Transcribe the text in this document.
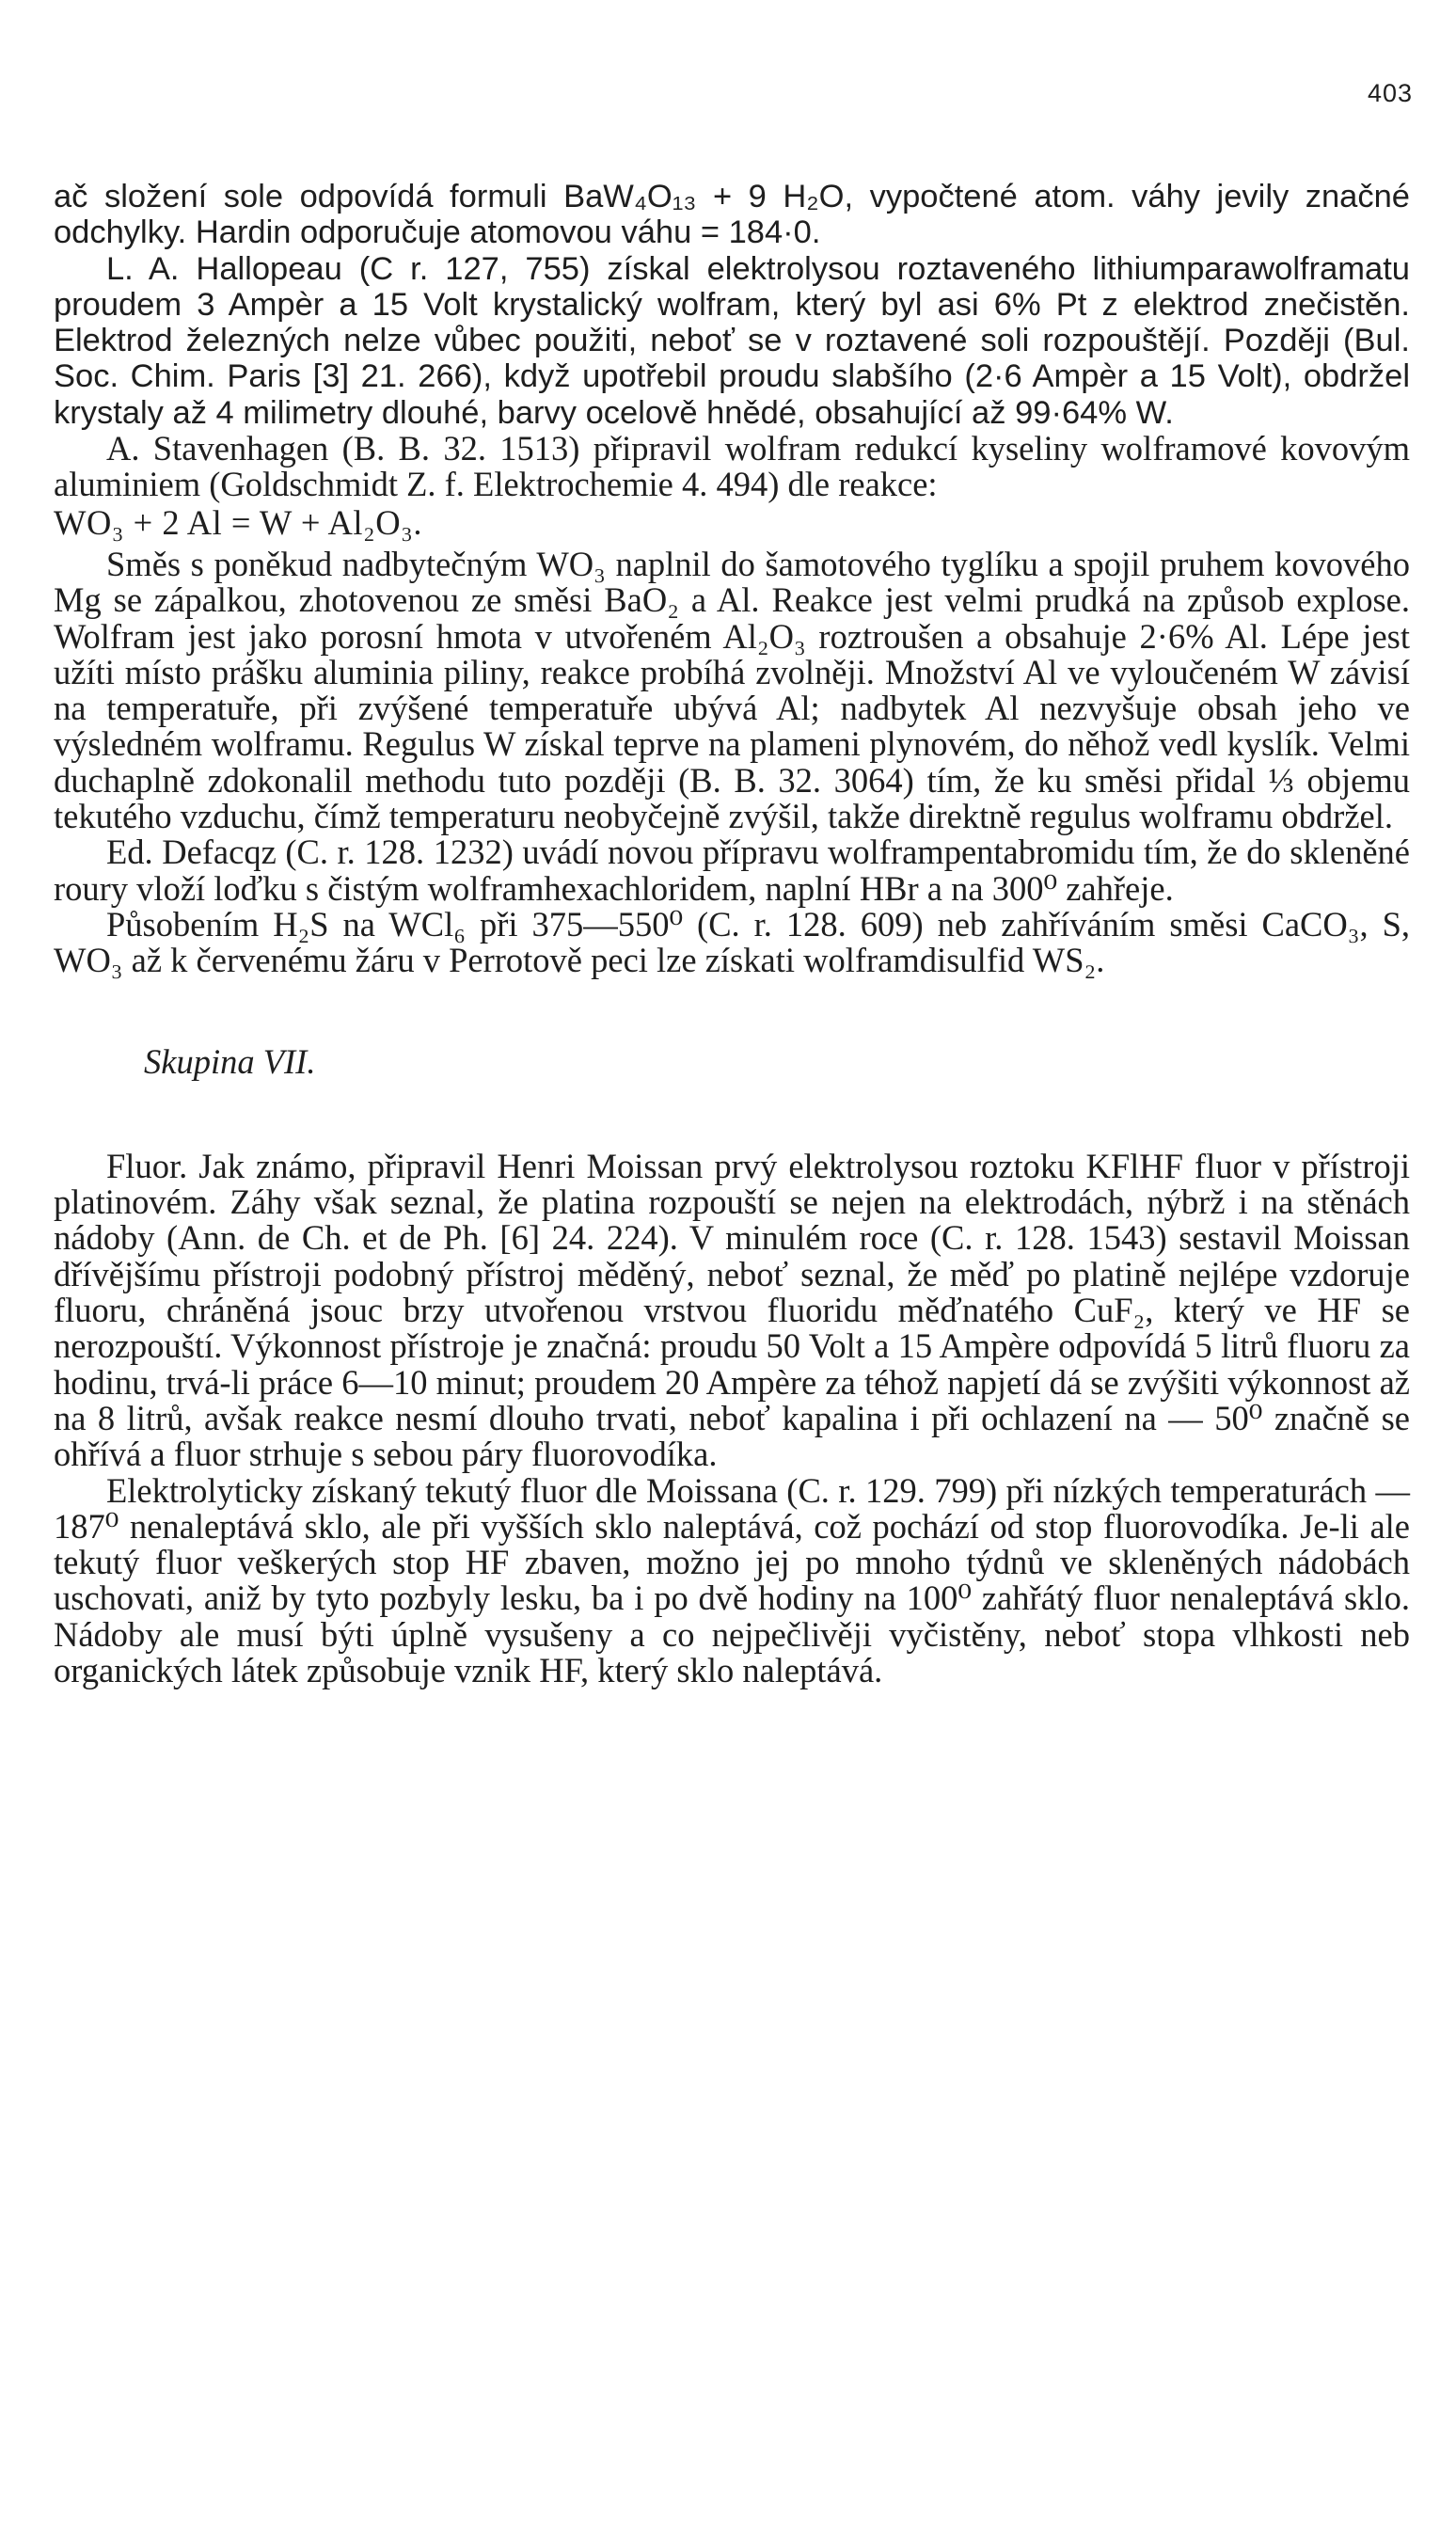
403

ač složení sole odpovídá formuli BaW₄O₁₃ + 9 H₂O, vypočtené atom. váhy jevily značné odchylky. Hardin odporučuje atomovou váhu = 184·0.

L. A. Hallopeau (C r. 127, 755) získal elektrolysou roztaveného lithiumparawolframatu proudem 3 Ampèr a 15 Volt krystalický wolfram, který byl asi 6% Pt z elektrod znečistěn. Elektrod železných nelze vůbec použiti, neboť se v roztavené soli rozpouštějí. Později (Bul. Soc. Chim. Paris [3] 21. 266), když upotřebil proudu slabšího (2·6 Ampèr a 15 Volt), obdržel krystaly až 4 milimetry dlouhé, barvy ocelově hnědé, obsahující až 99·64% W.

A. Stavenhagen (B. B. 32. 1513) připravil wolfram redukcí kyseliny wolframové kovovým aluminiem (Goldschmidt Z. f. Elektrochemie 4. 494) dle reakce:

WO₃ + 2 Al = W + Al₂O₃.

Směs s poněkud nadbytečným WO₃ naplnil do šamotového tyglíku a spojil pruhem kovového Mg se zápalkou, zhotovenou ze směsi BaO₂ a Al. Reakce jest velmi prudká na způsob explose. Wolfram jest jako porosní hmota v utvořeném Al₂O₃ roztroušen a obsahuje 2·6% Al. Lépe jest užíti místo prášku aluminia piliny, reakce probíhá zvolněji. Množství Al ve vyloučeném W závisí na temperatuře, při zvýšené temperatuře ubývá Al; nadbytek Al nezvyšuje obsah jeho ve výsledném wolframu. Regulus W získal teprve na plameni plynovém, do něhož vedl kyslík. Velmi duchaplně zdokonalil methodu tuto později (B. B. 32. 3064) tím, že ku směsi přidal ⅓ objemu tekutého vzduchu, čímž temperaturu neobyčejně zvýšil, takže direktně regulus wolframu obdržel.

Ed. Defacqz (C. r. 128. 1232) uvádí novou přípravu wolframpentabromidu tím, že do skleněné roury vloží loďku s čistým wolframhexachloridem, naplní HBr a na 300⁰ zahřeje.

Působením H₂S na WCl₆ při 375—550⁰ (C. r. 128. 609) neb zahříváním směsi CaCO₃, S, WO₃ až k červenému žáru v Perrotově peci lze získati wolframdisulfid WS₂.

Skupina VII.

Fluor. Jak známo, připravil Henri Moissan prvý elektrolysou roztoku KFlHF fluor v přístroji platinovém. Záhy však seznal, že platina rozpouští se nejen na elektrodách, nýbrž i na stěnách nádoby (Ann. de Ch. et de Ph. [6] 24. 224). V minulém roce (C. r. 128. 1543) sestavil Moissan dřívějšímu přístroji podobný přístroj měděný, neboť seznal, že měď po platině nejlépe vzdoruje fluoru, chráněná jsouc brzy utvořenou vrstvou fluoridu měďnatého CuF₂, který ve HF se nerozpouští. Výkonnost přístroje je značná: proudu 50 Volt a 15 Ampère odpovídá 5 litrů fluoru za hodinu, trvá-li práce 6—10 minut; proudem 20 Ampère za téhož napjetí dá se zvýšiti výkonnost až na 8 litrů, avšak reakce nesmí dlouho trvati, neboť kapalina i při ochlazení na — 50⁰ značně se ohřívá a fluor strhuje s sebou páry fluorovodíka.

Elektrolyticky získaný tekutý fluor dle Moissana (C. r. 129. 799) při nízkých temperaturách — 187⁰ nenaleptává sklo, ale při vyšších sklo naleptává, což pochází od stop fluorovodíka. Je-li ale tekutý fluor veškerých stop HF zbaven, možno jej po mnoho týdnů ve skleněných nádobách uschovati, aniž by tyto pozbyly lesku, ba i po dvě hodiny na 100⁰ zahřátý fluor nenaleptává sklo. Nádoby ale musí býti úplně vysušeny a co nejpečlivěji vyčistěny, neboť stopa vlhkosti neb organických látek způsobuje vznik HF, který sklo naleptává.
